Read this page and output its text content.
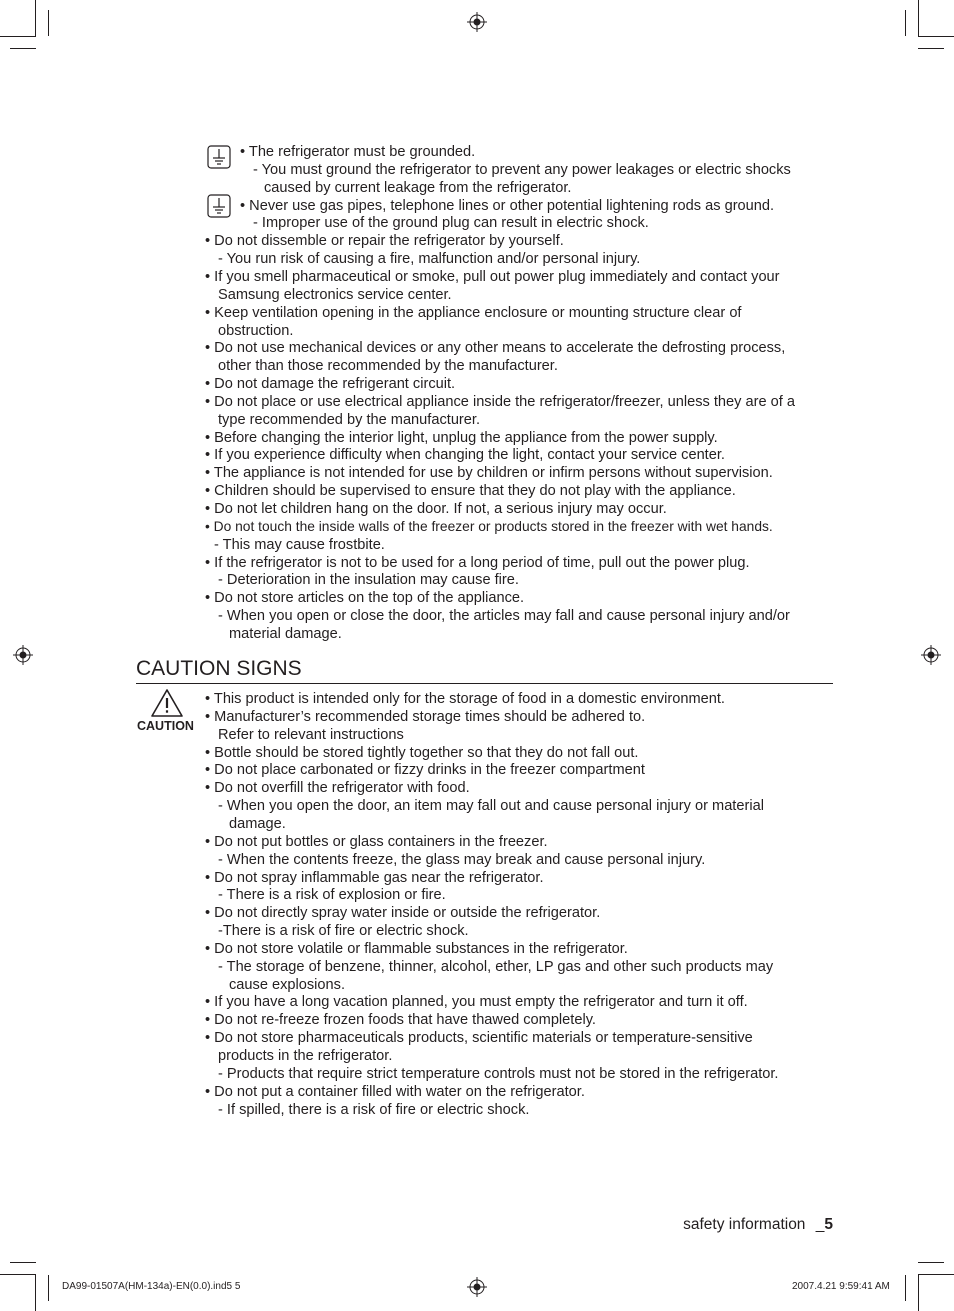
• The refrigerator must be grounded.
- You must ground the refrigerator to prevent any power leakages or electric shocks
caused by current leakage from the refrigerator.
• Never use gas pipes, telephone lines or other potential lightening rods as ground.
- Improper use of the ground plug can result in electric shock.
• Do not dissemble or repair the refrigerator by yourself.
- You run risk of causing a fire, malfunction and/or personal injury.
• If you smell pharmaceutical or smoke, pull out power plug immediately and contact your
Samsung electronics service center.
• Keep ventilation opening in the appliance enclosure or mounting structure clear of
obstruction.
• Do not use mechanical devices or any other means to accelerate the defrosting process,
other than those recommended by the manufacturer.
• Do not damage the refrigerant circuit.
• Do not place or use electrical appliance inside the refrigerator/freezer, unless they are of a
type recommended by the manufacturer.
• Before changing the interior light, unplug the appliance from the power supply.
• If you experience difficulty when changing the light, contact your service center.
• The appliance is not intended for use by children or infirm persons without supervision.
• Children should be supervised to ensure that they do not play with the appliance.
• Do not let children hang on the door. If not, a serious injury may occur.
• Do not touch the inside walls of the freezer or products stored in the freezer with wet hands.
- This may cause frostbite.
• If the refrigerator is not to be used for a long period of time, pull out the power plug.
- Deterioration in the insulation may cause fire.
• Do not store articles on the top of the appliance.
- When you open or close the door, the articles may fall and cause personal injury and/or
material damage.
CAUTION SIGNS
CAUTION
• This product is intended only for the storage of food in a domestic environment.
• Manufacturer’s recommended storage times should be adhered to.
Refer to relevant instructions
• Bottle should be stored tightly together so that they do not fall out.
• Do not place carbonated or fizzy drinks in the freezer compartment
• Do not overfill the refrigerator with food.
- When you open the door, an item may fall out and cause personal injury or material
damage.
• Do not put bottles or glass containers in the freezer.
- When the contents freeze, the glass may break and cause personal injury.
• Do not spray inflammable gas near the refrigerator.
- There is a risk of explosion or fire.
• Do not directly spray water inside or outside the refrigerator.
-There is a risk of fire or electric shock.
• Do not store volatile or flammable substances in the refrigerator.
- The storage of benzene, thinner, alcohol, ether, LP gas and other such products may
cause explosions.
• If you have a long vacation planned, you must empty the refrigerator and turn it off.
• Do not re-freeze frozen foods that have thawed completely.
• Do not store pharmaceuticals products, scientific materials or temperature-sensitive
products in the refrigerator.
- Products that require strict temperature controls must not be stored in the refrigerator.
• Do not put a container filled with water on the refrigerator.
- If spilled, there is a risk of fire or electric shock.
safety information _5
DA99-01507A(HM-134a)-EN(0.0).ind5 5	2007.4.21 9:59:41 AM
